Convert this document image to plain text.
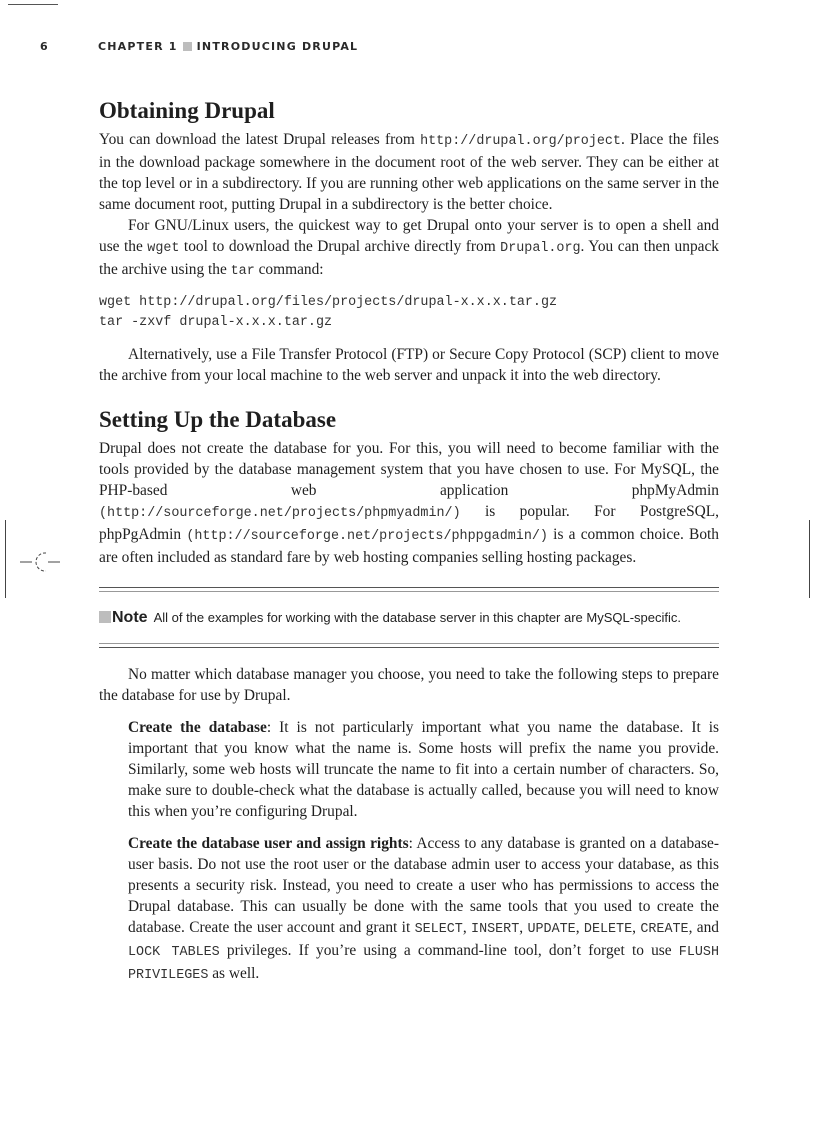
6	CHAPTER 1 INTRODUCING DRUPAL
Obtaining Drupal

You can download the latest Drupal releases from http://drupal.org/project. Place the files in the download package somewhere in the document root of the web server. They can be either at the top level or in a subdirectory. If you are running other web applications on the same server in the same document root, putting Drupal in a subdirectory is the better choice.

For GNU/Linux users, the quickest way to get Drupal onto your server is to open a shell and use the wget tool to download the Drupal archive directly from Drupal.org. You can then unpack the archive using the tar command:

wget http://drupal.org/files/projects/drupal-x.x.x.tar.gz
tar -zxvf drupal-x.x.x.tar.gz

Alternatively, use a File Transfer Protocol (FTP) or Secure Copy Protocol (SCP) client to move the archive from your local machine to the web server and unpack it into the web directory.

Setting Up the Database

Drupal does not create the database for you. For this, you will need to become familiar with the tools provided by the database management system that you have chosen to use. For MySQL, the PHP-based web application phpMyAdmin (http://sourceforge.net/projects/phpmyadmin/) is popular. For PostgreSQL, phpPgAdmin (http://sourceforge.net/projects/phppgadmin/) is a common choice. Both are often included as standard fare by web hosting companies selling hosting packages.

Note All of the examples for working with the database server in this chapter are MySQL-specific.

No matter which database manager you choose, you need to take the following steps to prepare the database for use by Drupal.

Create the database: It is not particularly important what you name the database. It is important that you know what the name is. Some hosts will prefix the name you provide. Similarly, some web hosts will truncate the name to fit into a certain number of characters. So, make sure to double-check what the database is actually called, because you will need to know this when you’re configuring Drupal.

Create the database user and assign rights: Access to any database is granted on a database-user basis. Do not use the root user or the database admin user to access your database, as this presents a security risk. Instead, you need to create a user who has permissions to access the Drupal database. This can usually be done with the same tools that you used to create the database. Create the user account and grant it SELECT, INSERT, UPDATE, DELETE, CREATE, and LOCK TABLES privileges. If you’re using a command-line tool, don’t forget to use FLUSH PRIVILEGES as well.
